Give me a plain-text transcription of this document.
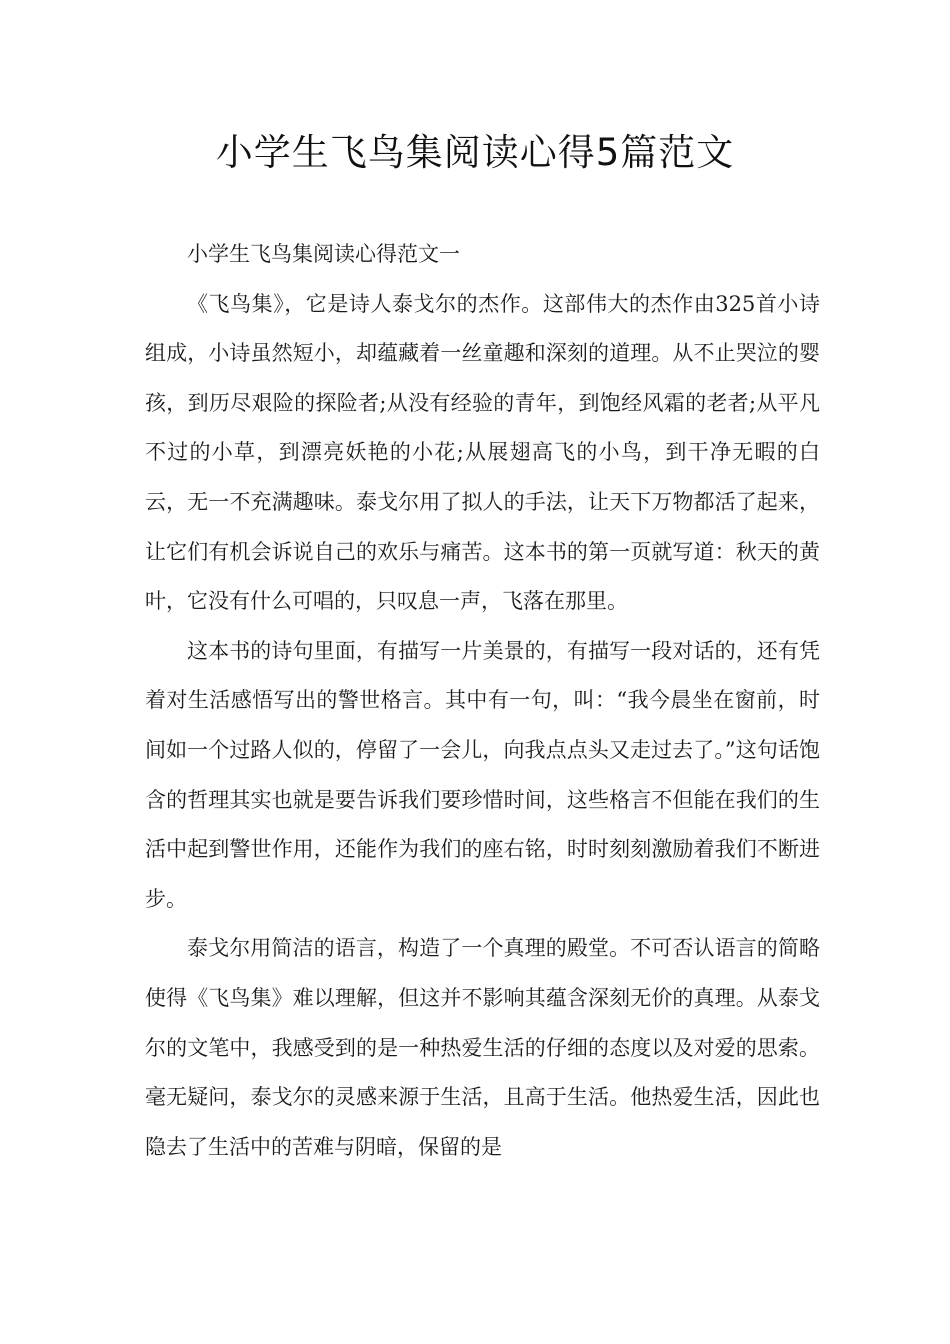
小学生飞鸟集阅读心得5篇范文

小学生飞鸟集阅读心得范文一

《飞鸟集》，它是诗人泰戈尔的杰作。这部伟大的杰作由325首小诗组成，小诗虽然短小，却蕴藏着一丝童趣和深刻的道理。从不止哭泣的婴孩，到历尽艰险的探险者;从没有经验的青年，到饱经风霜的老者;从平凡不过的小草，到漂亮妖艳的小花;从展翅高飞的小鸟，到干净无暇的白云，无一不充满趣味。泰戈尔用了拟人的手法，让天下万物都活了起来，让它们有机会诉说自己的欢乐与痛苦。这本书的第一页就写道：秋天的黄叶，它没有什么可唱的，只叹息一声，飞落在那里。

这本书的诗句里面，有描写一片美景的，有描写一段对话的，还有凭着对生活感悟写出的警世格言。其中有一句，叫：“我今晨坐在窗前，时间如一个过路人似的，停留了一会儿，向我点点头又走过去了。”这句话饱含的哲理其实也就是要告诉我们要珍惜时间，这些格言不但能在我们的生活中起到警世作用，还能作为我们的座右铭，时时刻刻激励着我们不断进步。

泰戈尔用简洁的语言，构造了一个真理的殿堂。不可否认语言的简略使得《飞鸟集》难以理解，但这并不影响其蕴含深刻无价的真理。从泰戈尔的文笔中，我感受到的是一种热爱生活的仔细的态度以及对爱的思索。毫无疑问，泰戈尔的灵感来源于生活，且高于生活。他热爱生活，因此也隐去了生活中的苦难与阴暗，保留的是
